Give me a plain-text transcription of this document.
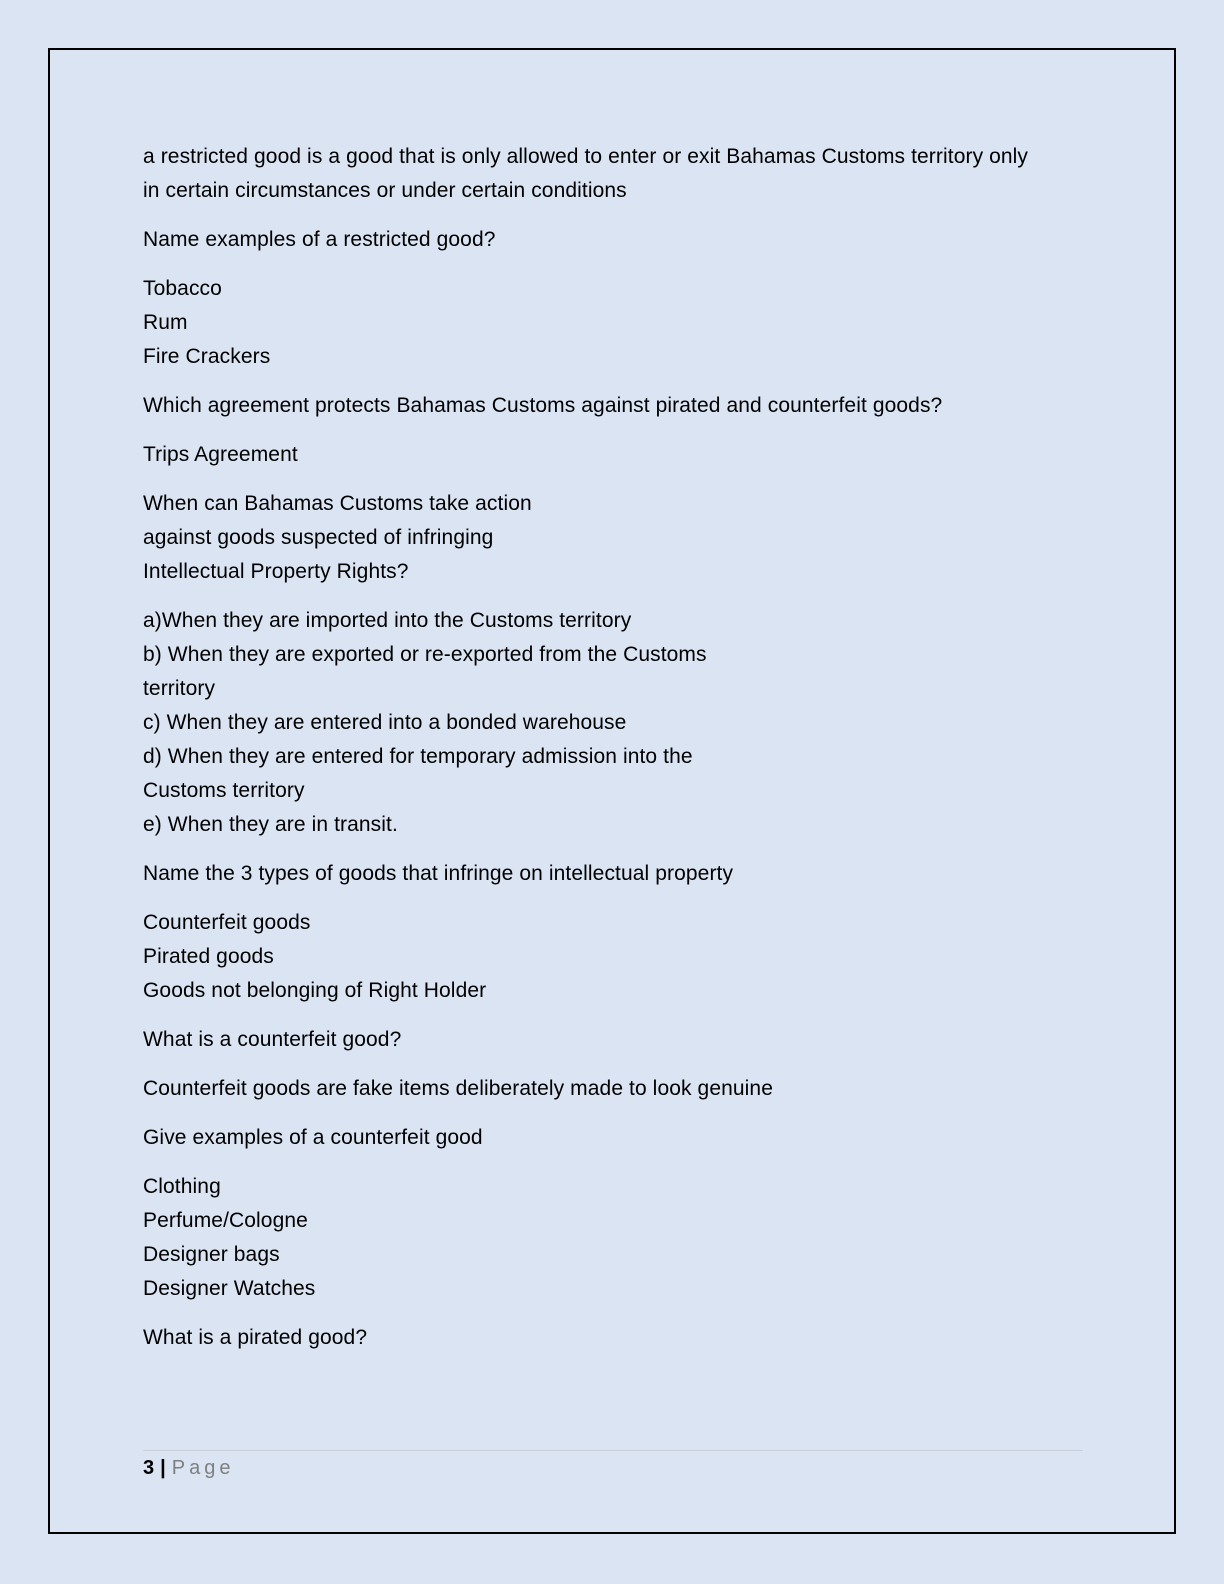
a restricted good is a good that is only allowed to enter or exit Bahamas Customs territory only
in certain circumstances or under certain conditions
Name examples of a restricted good?
Tobacco
Rum
Fire Crackers
Which agreement protects Bahamas Customs against pirated and counterfeit goods?
Trips Agreement
When can Bahamas Customs take action
against goods suspected of infringing
Intellectual Property Rights?
a)When they are imported into the Customs territory
b) When they are exported or re-exported from the Customs
territory
c) When they are entered into a bonded warehouse
d) When they are entered for temporary admission into the
Customs territory
e) When they are in transit.
Name the 3 types of goods that infringe on intellectual property
Counterfeit goods
Pirated goods
Goods not belonging of Right Holder
What is a counterfeit good?
Counterfeit goods are fake items deliberately made to look genuine
Give examples of a counterfeit good
Clothing
Perfume/Cologne
Designer bags
Designer Watches
What is a pirated good?
3 | Page
